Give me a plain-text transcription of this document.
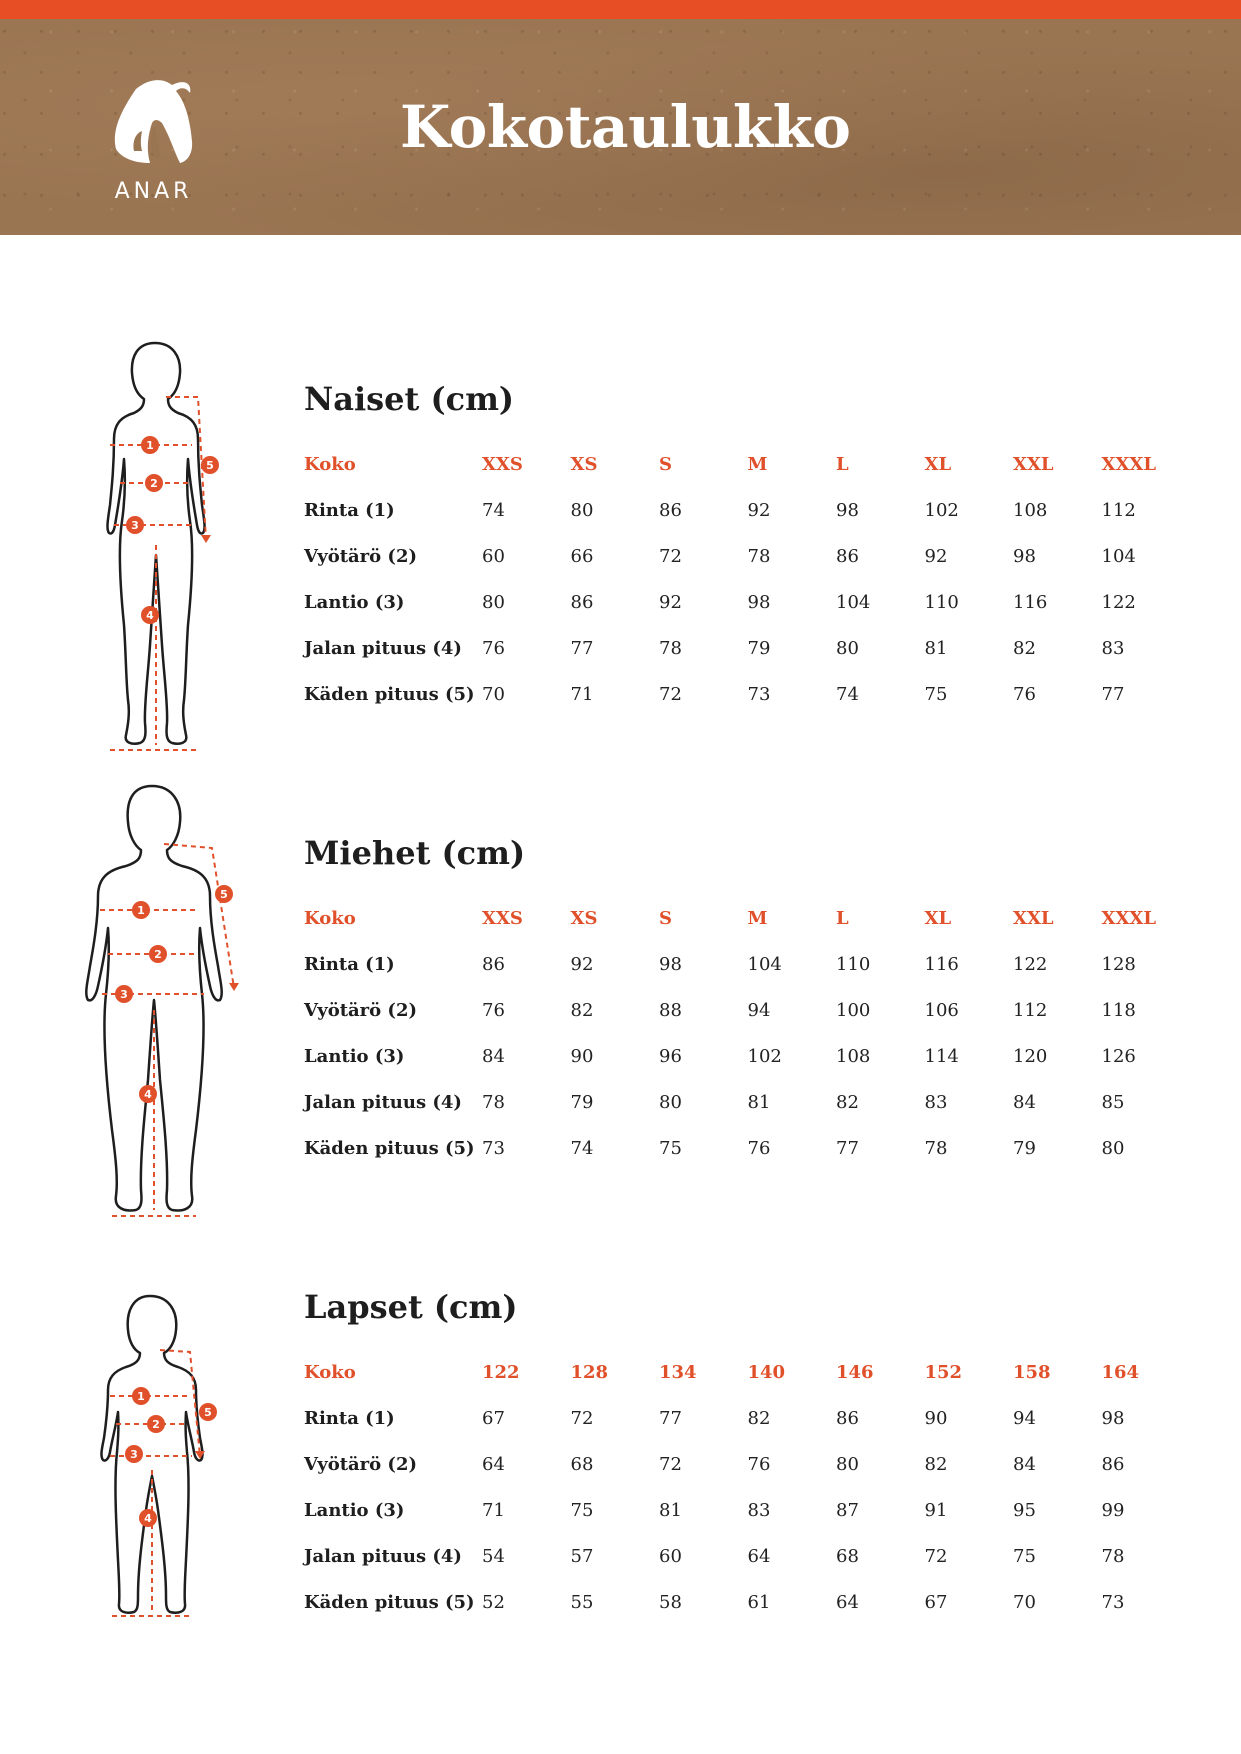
ANAR
Kokotaulukko
1
2
3
4
5
Naiset (cm)
Koko	XXS	XS	S	M	L	XL	XXL	XXXL
Rinta (1)	74	80	86	92	98	102	108	112
Vyötärö (2)	60	66	72	78	86	92	98	104
Lantio (3)	80	86	92	98	104	110	116	122
Jalan pituus (4)	76	77	78	79	80	81	82	83
Käden pituus (5)	70	71	72	73	74	75	76	77
1
2
3
4
5
Miehet (cm)
Koko	XXS	XS	S	M	L	XL	XXL	XXXL
Rinta (1)	86	92	98	104	110	116	122	128
Vyötärö (2)	76	82	88	94	100	106	112	118
Lantio (3)	84	90	96	102	108	114	120	126
Jalan pituus (4)	78	79	80	81	82	83	84	85
Käden pituus (5)	73	74	75	76	77	78	79	80
1
2
3
4
5
Lapset (cm)
Koko	122	128	134	140	146	152	158	164
Rinta (1)	67	72	77	82	86	90	94	98
Vyötärö (2)	64	68	72	76	80	82	84	86
Lantio (3)	71	75	81	83	87	91	95	99
Jalan pituus (4)	54	57	60	64	68	72	75	78
Käden pituus (5)	52	55	58	61	64	67	70	73
